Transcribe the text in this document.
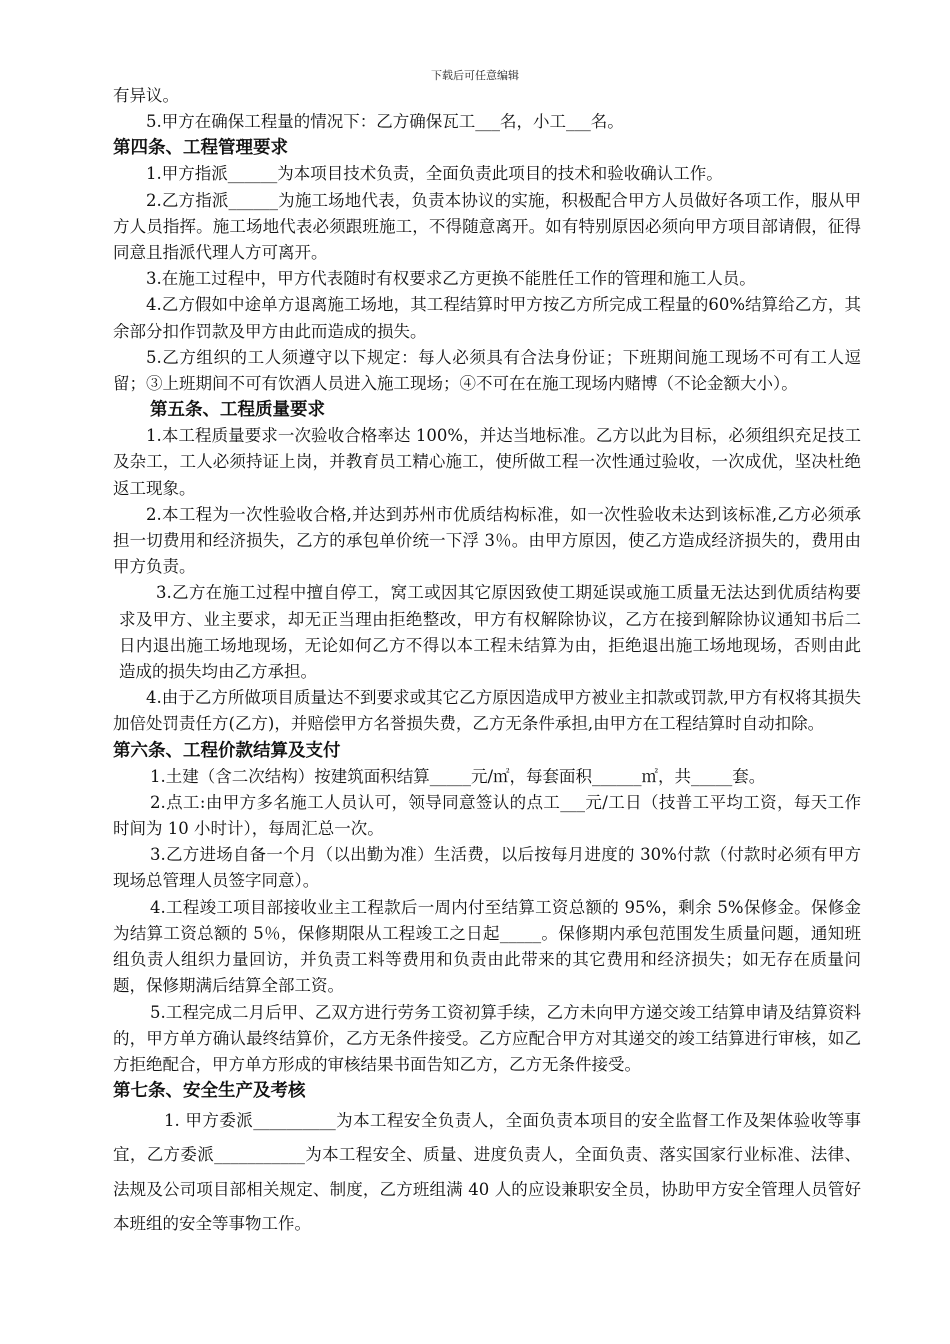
下载后可任意编辑

有异议。

5.甲方在确保工程量的情况下：乙方确保瓦工___名，小工___名。

第四条、工程管理要求

1.甲方指派______为本项目技术负责，全面负责此项目的技术和验收确认工作。

2.乙方指派______为施工场地代表，负责本协议的实施，积极配合甲方人员做好各项工作，服从甲方人员指挥。施工场地代表必须跟班施工，不得随意离开。如有特别原因必须向甲方项目部请假，征得同意且指派代理人方可离开。

3.在施工过程中，甲方代表随时有权要求乙方更换不能胜任工作的管理和施工人员。

4.乙方假如中途单方退离施工场地，其工程结算时甲方按乙方所完成工程量的60%结算给乙方，其余部分扣作罚款及甲方由此而造成的损失。

5.乙方组织的工人须遵守以下规定：每人必须具有合法身份证；下班期间施工现场不可有工人逗留；③上班期间不可有饮酒人员进入施工现场；④不可在在施工现场内赌博（不论金额大小）。

第五条、工程质量要求

1.本工程质量要求一次验收合格率达 100%，并达当地标准。乙方以此为目标，必须组织充足技工及杂工，工人必须持证上岗，并教育员工精心施工，使所做工程一次性通过验收，一次成优，坚决杜绝返工现象。

2.本工程为一次性验收合格,并达到苏州市优质结构标准，如一次性验收未达到该标准,乙方必须承担一切费用和经济损失，乙方的承包单价统一下浮 3％。由甲方原因，使乙方造成经济损失的，费用由甲方负责。

3.乙方在施工过程中擅自停工，窝工或因其它原因致使工期延误或施工质量无法达到优质结构要求及甲方、业主要求，却无正当理由拒绝整改，甲方有权解除协议，乙方在接到解除协议通知书后二日内退出施工场地现场，无论如何乙方不得以本工程未结算为由，拒绝退出施工场地现场，否则由此造成的损失均由乙方承担。

4.由于乙方所做项目质量达不到要求或其它乙方原因造成甲方被业主扣款或罚款,甲方有权将其损失加倍处罚责任方(乙方)，并赔偿甲方名誉损失费，乙方无条件承担,由甲方在工程结算时自动扣除。

第六条、工程价款结算及支付

1.土建（含二次结构）按建筑面积结算_____元/㎡，每套面积______㎡，共_____套。

2.点工:由甲方多名施工人员认可，领导同意签认的点工___元/工日（技普工平均工资，每天工作时间为 10 小时计），每周汇总一次。

3.乙方进场自备一个月（以出勤为准）生活费，以后按每月进度的 30%付款（付款时必须有甲方现场总管理人员签字同意）。

4.工程竣工项目部接收业主工程款后一周内付至结算工资总额的 95%，剩余 5%保修金。保修金为结算工资总额的 5％，保修期限从工程竣工之日起_____。保修期内承包范围发生质量问题，通知班组负责人组织力量回访，并负责工料等费用和负责由此带来的其它费用和经济损失；如无存在质量问题，保修期满后结算全部工资。

5.工程完成二月后甲、乙双方进行劳务工资初算手续，乙方未向甲方递交竣工结算申请及结算资料的，甲方单方确认最终结算价，乙方无条件接受。乙方应配合甲方对其递交的竣工结算进行审核，如乙方拒绝配合，甲方单方形成的审核结果书面告知乙方，乙方无条件接受。

第七条、安全生产及考核

1. 甲方委派__________为本工程安全负责人，全面负责本项目的安全监督工作及架体验收等事宜，乙方委派___________为本工程安全、质量、进度负责人，全面负责、落实国家行业标准、法律、法规及公司项目部相关规定、制度，乙方班组满 40 人的应设兼职安全员，协助甲方安全管理人员管好本班组的安全等事物工作。
